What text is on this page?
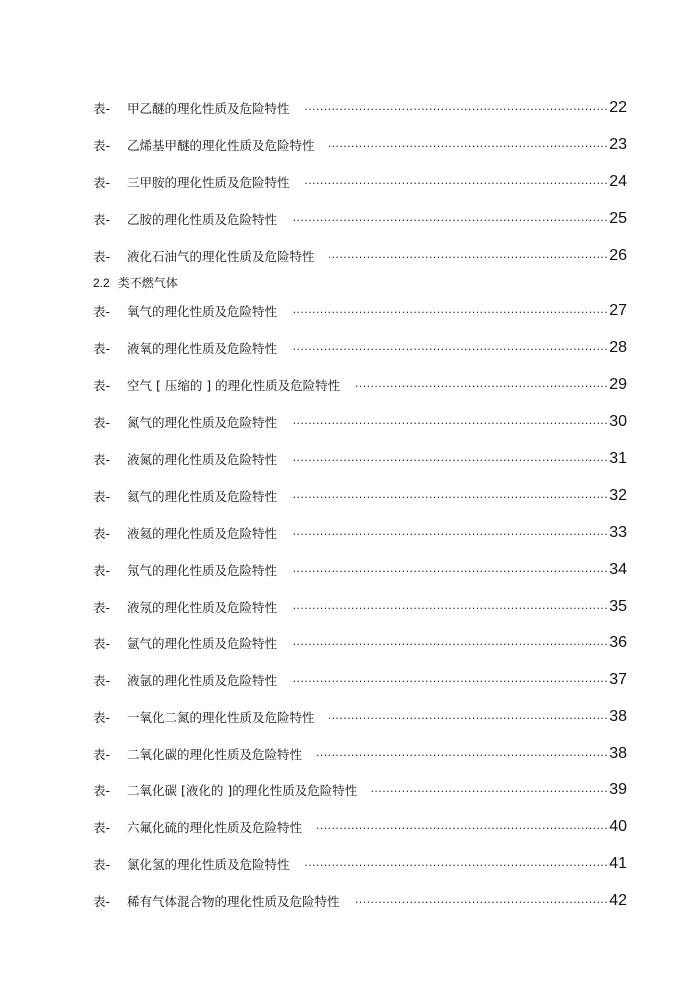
表-	甲乙醚的理化性质及危险特性 .....	22
表-	乙烯基甲醚的理化性质及危险特性 .....	23
表-	三甲胺的理化性质及危险特性 .....	24
表-	乙胺的理化性质及危险特性 .....	25
表-	液化石油气的理化性质及危险特性 .....	26
2.2 类不燃气体
表-	氧气的理化性质及危险特性 .....	27
表-	液氧的理化性质及危险特性 .....	28
表-	空气 [ 压缩的 ] 的理化性质及危险特性 .....	29
表-	氮气的理化性质及危险特性 .....	30
表-	液氮的理化性质及危险特性 .....	31
表-	氦气的理化性质及危险特性 .....	32
表-	液氦的理化性质及危险特性 .....	33
表-	氖气的理化性质及危险特性 .....	34
表-	液氖的理化性质及危险特性 .....	35
表-	氩气的理化性质及危险特性 .....	36
表-	液氩的理化性质及危险特性 .....	37
表-	一氧化二氮的理化性质及危险特性 .....	38
表-	二氧化碳的理化性质及危险特性 .....	38
表-	二氧化碳 [液化的 ]的理化性质及危险特性 .....	39
表-	六氟化硫的理化性质及危险特性 .....	40
表-	氯化氢的理化性质及危险特性 .....	41
表-	稀有气体混合物的理化性质及危险特性 .....	42
